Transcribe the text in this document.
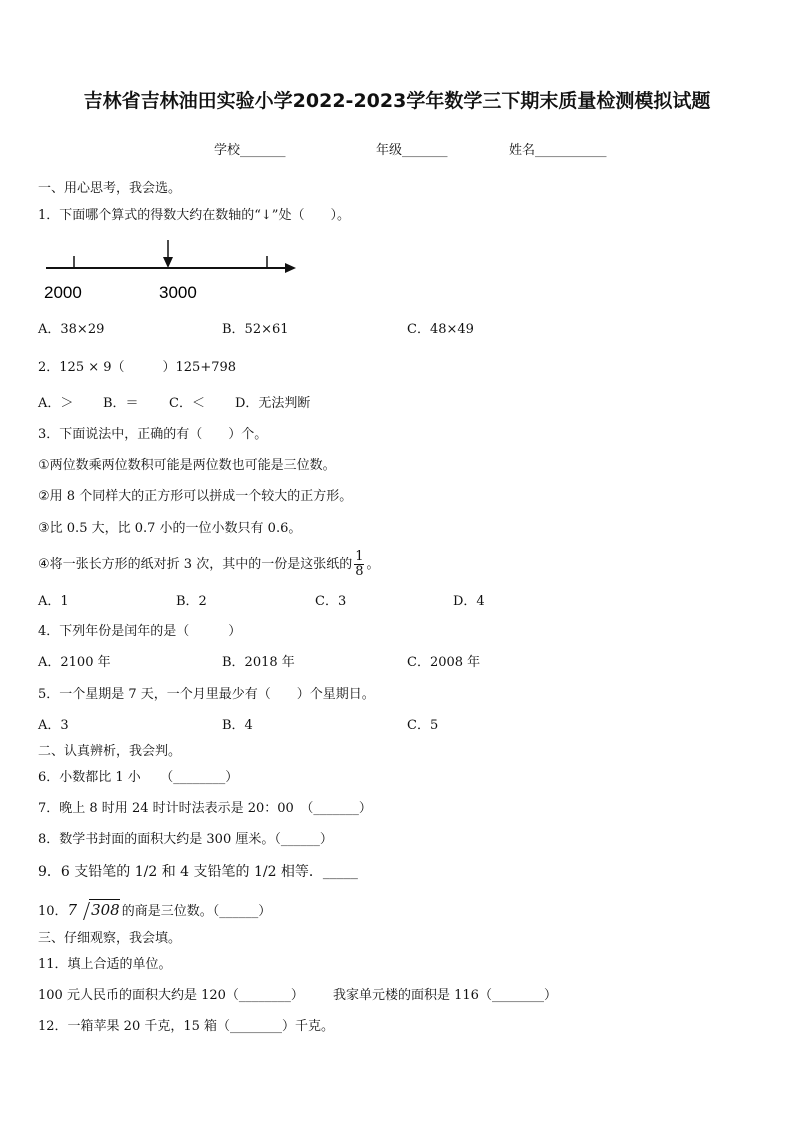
吉林省吉林油田实验小学2022-2023学年数学三下期末质量检测模拟试题
学校_______	年级_______	姓名___________
一、用心思考，我会选。
1．下面哪个算式的得数大约在数轴的“↓”处（　　）。
2000	3000
A．38×29	B．52×61	C．48×49
2．125 × 9（	）125+798
A．＞ B．＝ C．＜ D．无法判断
3．下面说法中，正确的有（　　）个。
①两位数乘两位数积可能是两位数也可能是三位数。
②用 8 个同样大的正方形可以拼成一个较大的正方形。
③比 0.5 大，比 0.7 小的一位小数只有 0.6。
④将一张长方形的纸对折 3 次，其中的一份是这张纸的 $\frac{1}{8}$ 。
A．1	B．2	C．3	D．4
4．下列年份是闰年的是（　　　）
A．2100 年	B．2018 年	C．2008 年
5．一个星期是 7 天，一个月里最少有（　　）个星期日。
A．3	B．4	C．5
二、认真辨析，我会判。
6．小数都比 1 小　　（________）
7．晚上 8 时用 24 时计时法表示是 20：00　（_______）
8．数学书封面的面积大约是 300 厘米。（______）
9．6 支铅笔的 1/2 和 4 支铅笔的 1/2 相等．_____
10．7 308 的商是三位数。（______）
三、仔细观察，我会填。
11．填上合适的单位。
100 元人民币的面积大约是 120（________） 我家单元楼的面积是 116（________）
12．一箱苹果 20 千克，15 箱（________）千克。
